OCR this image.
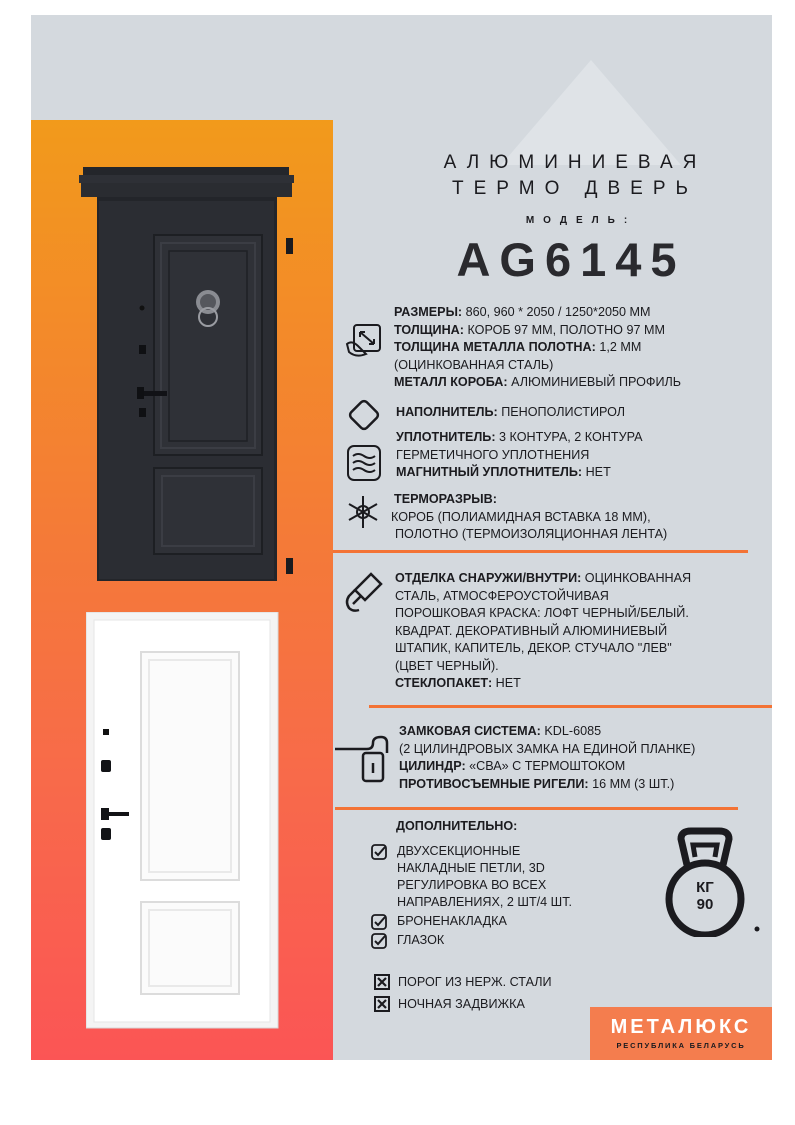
АЛЮМИНИЕВАЯ
ТЕРМО ДВЕРЬ
МОДЕЛЬ:
AG6145
РАЗМЕРЫ: 860, 960 * 2050 / 1250*2050 ММ
ТОЛЩИНА: КОРОБ 97 ММ, ПОЛОТНО 97 ММ
ТОЛЩИНА МЕТАЛЛА ПОЛОТНА: 1,2 ММ
(ОЦИНКОВАННАЯ СТАЛЬ)
МЕТАЛЛ КОРОБА: АЛЮМИНИЕВЫЙ ПРОФИЛЬ
НАПОЛНИТЕЛЬ: ПЕНОПОЛИСТИРОЛ
УПЛОТНИТЕЛЬ: 3 КОНТУРА, 2 КОНТУРА
ГЕРМЕТИЧНОГО УПЛОТНЕНИЯ
МАГНИТНЫЙ УПЛОТНИТЕЛЬ: НЕТ
ТЕРМОРАЗРЫВ:
КОРОБ (ПОЛИАМИДНАЯ ВСТАВКА 18 ММ),
ПОЛОТНО (ТЕРМОИЗОЛЯЦИОННАЯ ЛЕНТА)
ОТДЕЛКА СНАРУЖИ/ВНУТРИ: ОЦИНКОВАННАЯ
СТАЛЬ, АТМОСФЕРОУСТОЙЧИВАЯ
ПОРОШКОВАЯ КРАСКА: ЛОФТ ЧЕРНЫЙ/БЕЛЫЙ.
КВАДРАТ. ДЕКОРАТИВНЫЙ АЛЮМИНИЕВЫЙ
ШТАПИК, КАПИТЕЛЬ, ДЕКОР. СТУЧАЛО "ЛЕВ"
(ЦВЕТ ЧЕРНЫЙ).
СТЕКЛОПАКЕТ: НЕТ
ЗАМКОВАЯ СИСТЕМА: KDL-6085
(2 ЦИЛИНДРОВЫХ ЗАМКА НА ЕДИНОЙ ПЛАНКЕ)
ЦИЛИНДР: «СВА» С ТЕРМОШТОКОМ
ПРОТИВОСЪЕМНЫЕ РИГЕЛИ: 16 ММ (3 ШТ.)
ДОПОЛНИТЕЛЬНО:
ДВУХСЕКЦИОННЫЕ
НАКЛАДНЫЕ ПЕТЛИ, 3D
РЕГУЛИРОВКА ВО ВСЕХ
НАПРАВЛЕНИЯХ, 2 ШТ/4 ШТ.
БРОНЕНАКЛАДКА
ГЛАЗОК
ПОРОГ ИЗ НЕРЖ. СТАЛИ
НОЧНАЯ ЗАДВИЖКА
КГ
90
МЕТАЛЮКС
РЕСПУБЛИКА БЕЛАРУСЬ
